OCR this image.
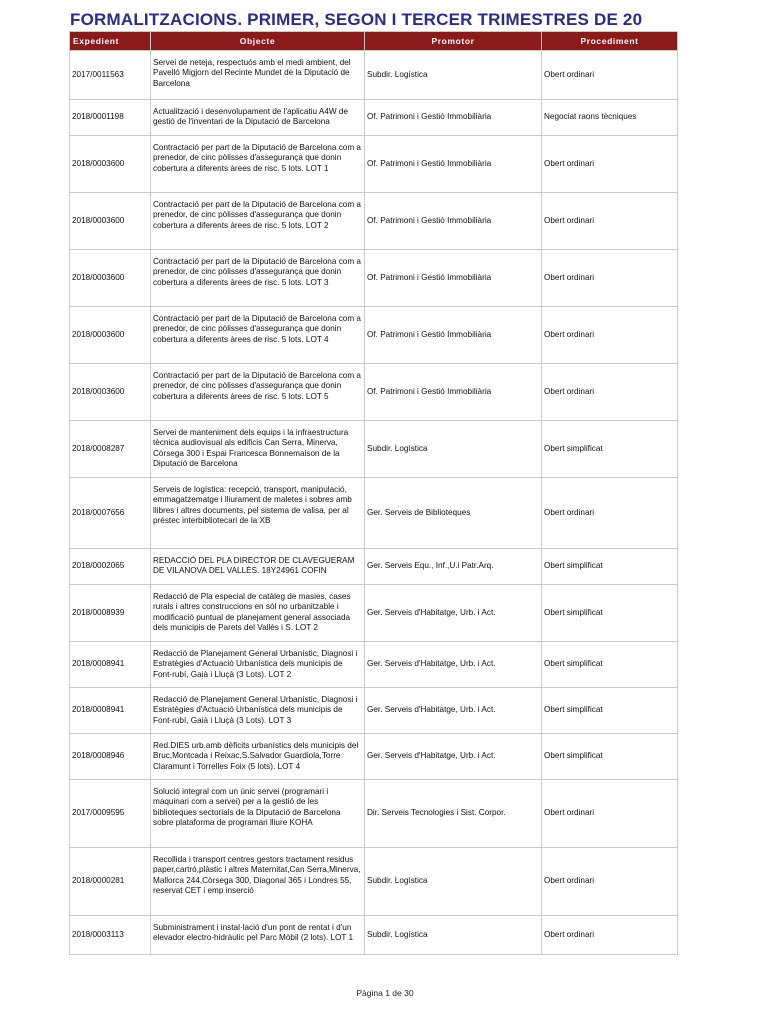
FORMALITZACIONS. PRIMER, SEGON I TERCER TRIMESTRES DE 20
Expedient	Objecte	Promotor	Procediment
2017/0011563	Servei de neteja, respectuós amb el medi ambient, del Pavelló Migjorn del Recinte Mundet de la Diputació de Barcelona	Subdir. Logística	Obert ordinari
2018/0001198	Actualització i desenvolupament de l'aplicatiu A4W de gestió de l'inventari de la Diputació de Barcelona	Of. Patrimoni i Gestió Immobiliària	Negociat raons tècniques
2018/0003600	Contractació per part de la Diputació de Barcelona com a prenedor, de cinc pòlisses d'assegurança que donin cobertura a diferents àrees de risc. 5 lots. LOT 1	Of. Patrimoni i Gestió Immobiliària	Obert ordinari
2018/0003600	Contractació per part de la Diputació de Barcelona com a prenedor, de cinc pòlisses d'assegurança que donin cobertura a diferents àrees de risc. 5 lots. LOT 2	Of. Patrimoni i Gestió Immobiliària	Obert ordinari
2018/0003600	Contractació per part de la Diputació de Barcelona com a prenedor, de cinc pòlisses d'assegurança que donin cobertura a diferents àrees de risc. 5 lots. LOT 3	Of. Patrimoni i Gestió Immobiliària	Obert ordinari
2018/0003600	Contractació per part de la Diputació de Barcelona com a prenedor, de cinc pòlisses d'assegurança que donin cobertura a diferents àrees de risc. 5 lots. LOT 4	Of. Patrimoni i Gestió Immobiliària	Obert ordinari
2018/0003600	Contractació per part de la Diputació de Barcelona com a prenedor, de cinc pòlisses d'assegurança que donin cobertura a diferents àrees de risc. 5 lots. LOT 5	Of. Patrimoni i Gestió Immobiliària	Obert ordinari
2018/0008287	Servei de manteniment dels equips i la infraestructura tècnica audiovisual als edificis Can Serra, Minerva, Còrsega 300 i Espai Francesca Bonnemaison de la Diputació de Barcelona	Subdir. Logística	Obert simplificat
2018/0007656	Serveis de logística: recepció, transport, manipulació, emmagatzematge i lliurament de maletes i sobres amb llibres i altres documents, pel sistema de valisa, per al préstec interbibliotecari de la XB	Ger. Serveis de Biblioteques	Obert ordinari
2018/0002065	REDACCIÓ DEL PLA DIRECTOR DE CLAVEGUERAM DE VILANOVA DEL VALLÈS. 18Y24961 COFIN	Ger. Serveis Equ., Inf.,U.i Patr.Arq.	Obert simplificat
2018/0008939	Redacció de Pla especial de catàleg de masies, cases rurals i altres construccions en sòl no urbanitzable i modificació puntual de planejament general associada dels municipis de Parets del Vallès i S. LOT 2	Ger. Serveis d'Habitatge, Urb. i Act.	Obert simplificat
2018/0008941	Redacció de Planejament General Urbanístic, Diagnosi i Estratègies d'Actuació Urbanística dels municipis de Font-rubí, Gaià i Lluçà (3 Lots). LOT 2	Ger. Serveis d'Habitatge, Urb. i Act.	Obert simplificat
2018/0008941	Redacció de Planejament General Urbanístic, Diagnosi i Estratègies d'Actuació Urbanística dels municipis de Font-rubí, Gaià i Lluçà (3 Lots). LOT 3	Ger. Serveis d'Habitatge, Urb. i Act.	Obert simplificat
2018/0008946	Red.DIES urb.amb dèficits urbanístics dels municipis del Bruc,Montcada i Reixac,S.Salvador Guardiola,Torre Claramunt i Torrelles Foix (5 lots). LOT 4	Ger. Serveis d'Habitatge, Urb. i Act.	Obert simplificat
2017/0009595	Solució integral com un únic servei (programari i maquinari com a servei) per a la gestió de les biblioteques sectorials de la Diputació de Barcelona sobre plataforma de programari lliure KOHA	Dir. Serveis Tecnologies i Sist. Corpor.	Obert ordinari
2018/0000281	Recollida i transport centres gestors tractament residus paper,cartró,plàstic i altres Maternitat,Can Serra,Minerva, Mallorca 244,Còrsega 300, Diagonal 365 i Londres 55, reservat CET i emp inserció	Subdir. Logística	Obert ordinari
2018/0003113	Subministrament i instal·lació d'un pont de rentat i d'un elevador electro-hidràulic pel Parc Mòbil (2 lots). LOT 1	Subdir. Logística	Obert ordinari
Pàgina 1 de 30
